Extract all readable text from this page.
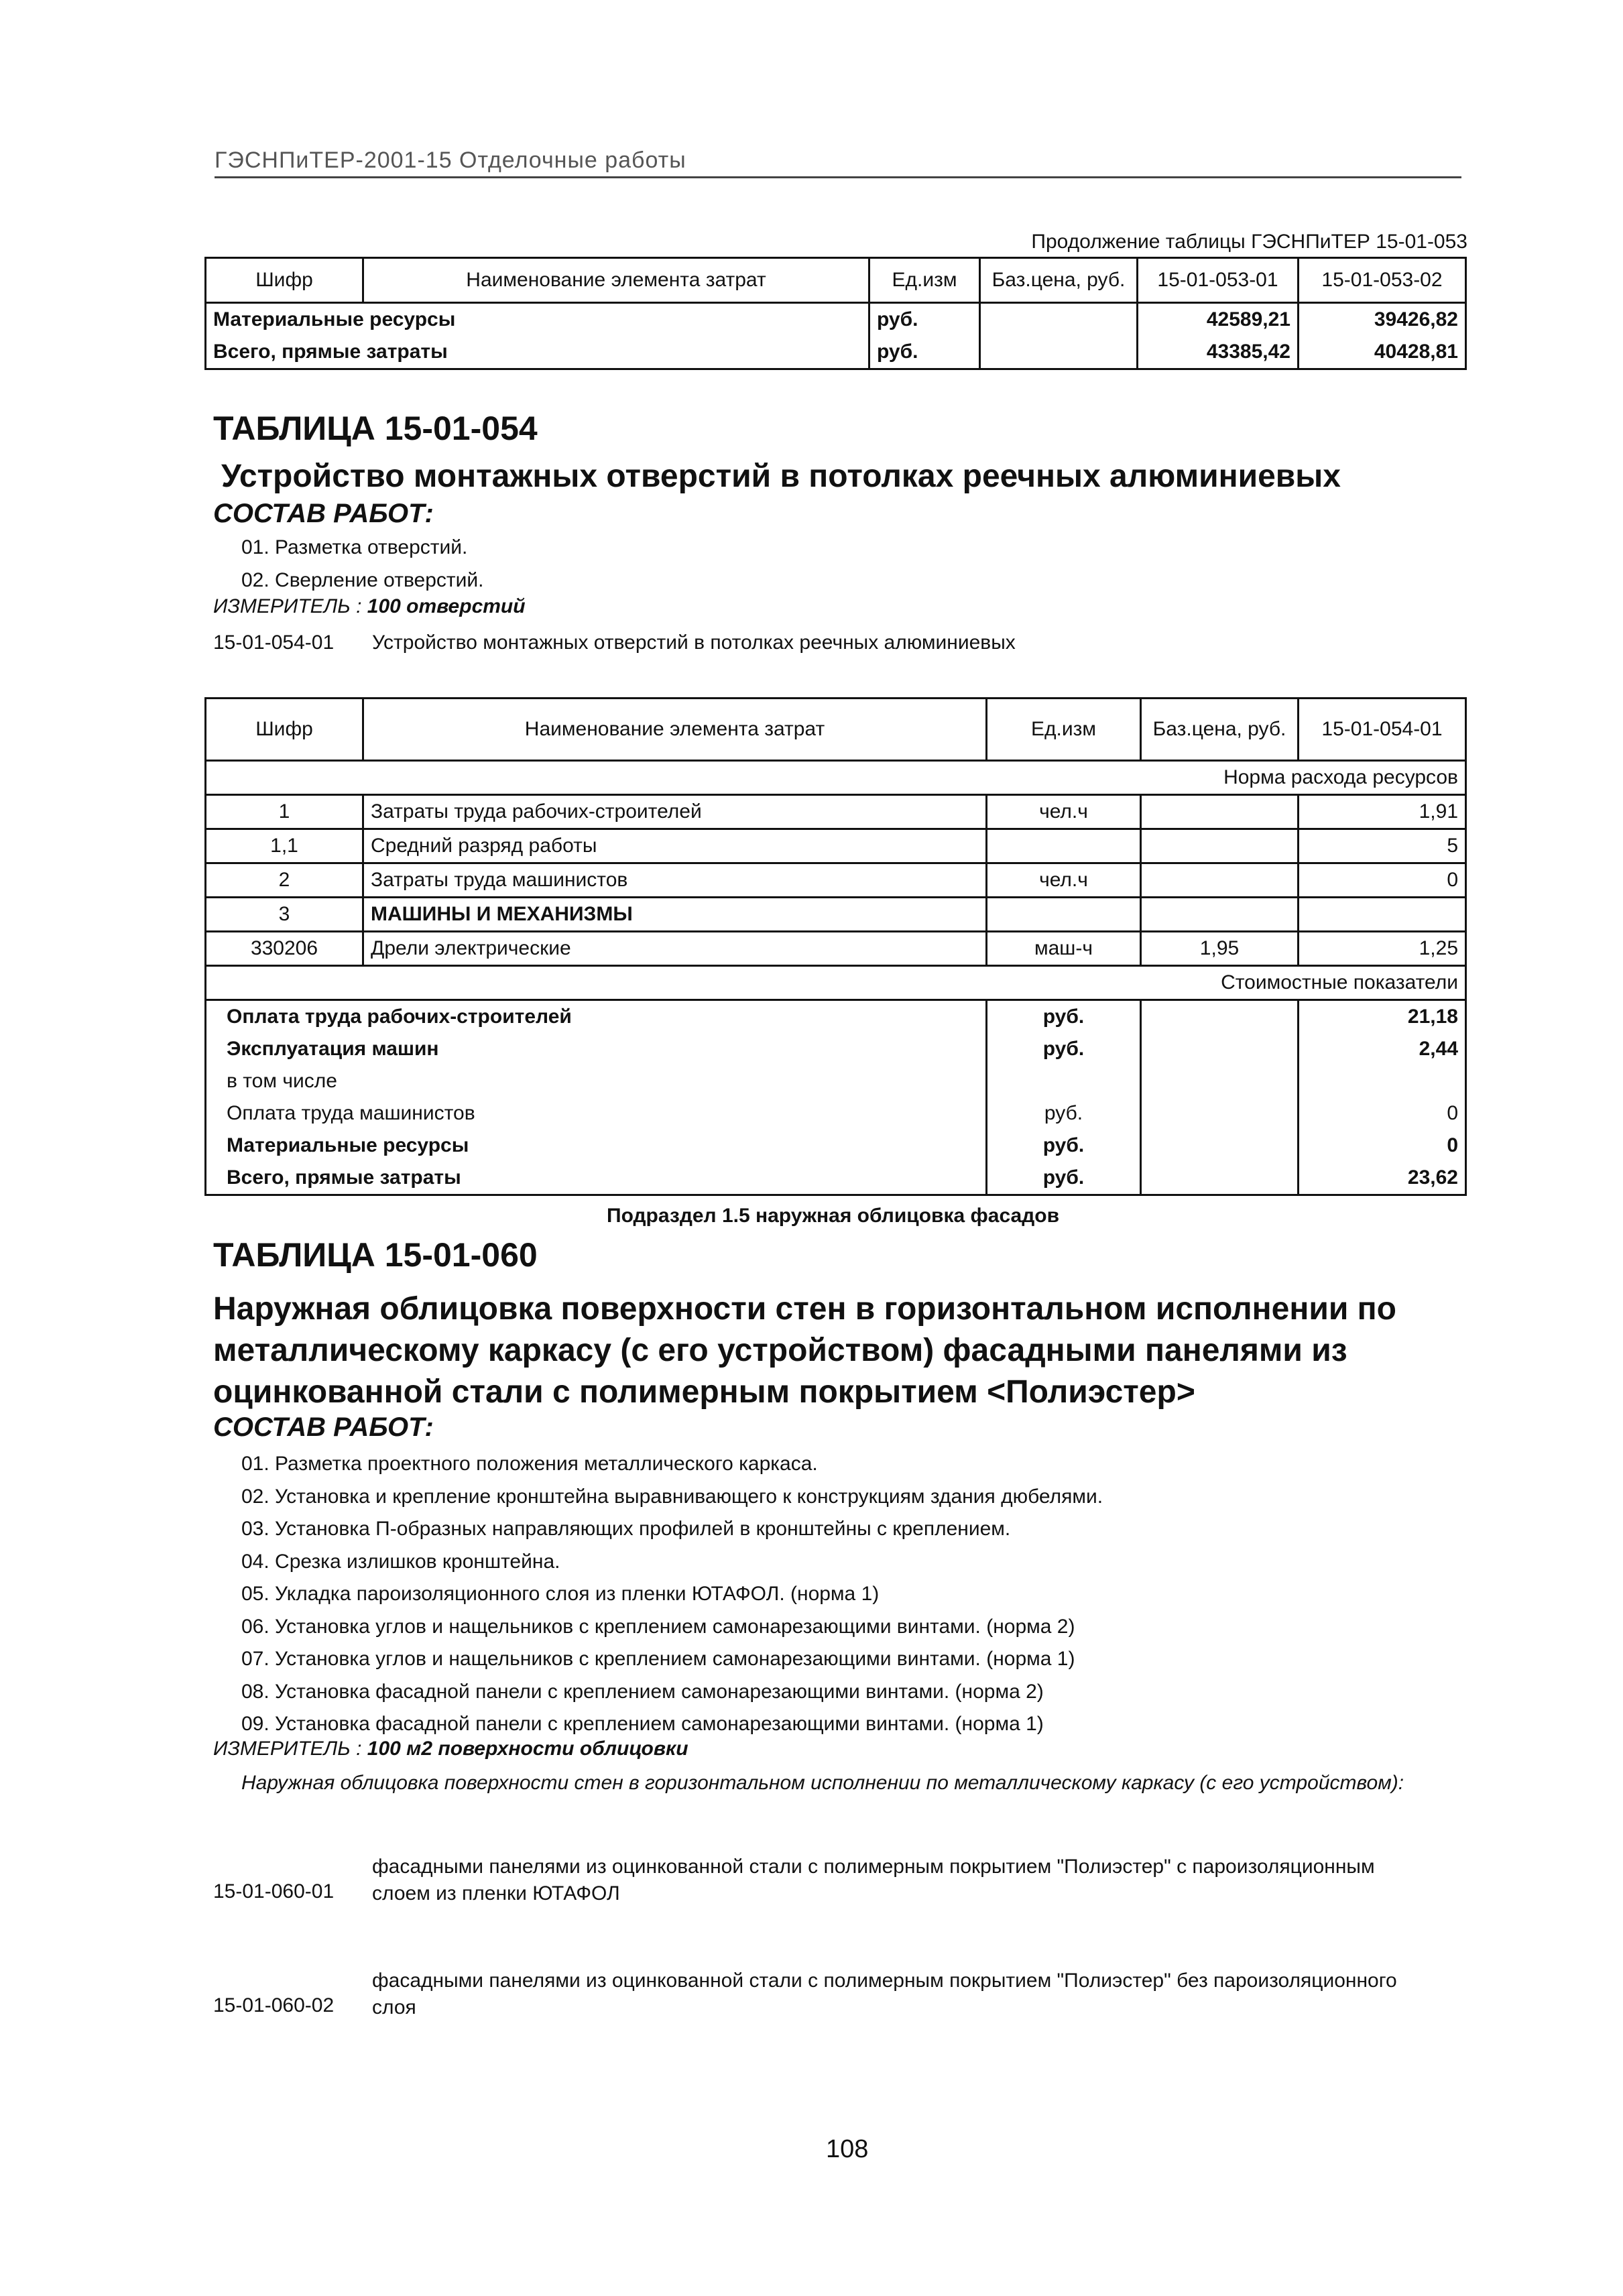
ГЭСНПиТЕР-2001-15 Отделочные работы
Продолжение таблицы ГЭСНПиТЕР 15-01-053
Шифр	Наименование элемента затрат	Ед.изм	Баз.цена, руб.	15-01-053-01	15-01-053-02
Материальные ресурсы		руб.		42589,21	39426,82
Всего, прямые затраты		руб.		43385,42	40428,81
ТАБЛИЦА 15-01-054
Устройство монтажных отверстий в потолках реечных алюминиевых
СОСТАВ РАБОТ:
01. Разметка отверстий.
02. Сверление отверстий.
ИЗМЕРИТЕЛЬ : 100 отверстий
15-01-054-01 Устройство монтажных отверстий в потолках реечных алюминиевых
Шифр	Наименование элемента затрат	Ед.изм	Баз.цена, руб.	15-01-054-01
Норма расхода ресурсов				
1	Затраты труда рабочих-строителей	чел.ч		1,91
1,1	Средний разряд работы			5
2	Затраты труда машинистов	чел.ч		0
3	МАШИНЫ И МЕХАНИЗМЫ			
330206	Дрели электрические	маш-ч	1,95	1,25
Стоимостные показатели				
Оплата труда рабочих-строителей		руб.		21,18
Эксплуатация машин		руб.		2,44
в том числе				
Оплата труда машинистов		руб.		0
Материальные ресурсы		руб.		0
Всего, прямые затраты		руб.		23,62
Подраздел 1.5 наружная облицовка фасадов
ТАБЛИЦА 15-01-060
Наружная облицовка поверхности стен в горизонтальном исполнении по
металлическому каркасу (с его устройством) фасадными панелями из
оцинкованной стали с полимерным покрытием <Полиэстер>
СОСТАВ РАБОТ:
01. Разметка проектного положения металлического каркаса.
02. Установка и крепление кронштейна выравнивающего к конструкциям здания дюбелями.
03. Установка П-образных направляющих профилей в кронштейны с креплением.
04. Срезка излишков кронштейна.
05. Укладка пароизоляционного слоя из пленки ЮТАФОЛ. (норма 1)
06. Установка углов и нащельников с креплением самонарезающими винтами. (норма 2)
07. Установка углов и нащельников с креплением самонарезающими винтами. (норма 1)
08. Установка фасадной панели с креплением самонарезающими винтами. (норма 2)
09. Установка фасадной панели с креплением самонарезающими винтами. (норма 1)
ИЗМЕРИТЕЛЬ : 100 м2 поверхности облицовки
Наружная облицовка поверхности стен в горизонтальном исполнении по металлическому каркасу (с его устройством):
15-01-060-01
фасадными панелями из оцинкованной стали с полимерным покрытием "Полиэстер" с пароизоляционным
слоем из пленки ЮТАФОЛ
15-01-060-02
фасадными панелями из оцинкованной стали с полимерным покрытием "Полиэстер" без пароизоляционного
слоя
108
